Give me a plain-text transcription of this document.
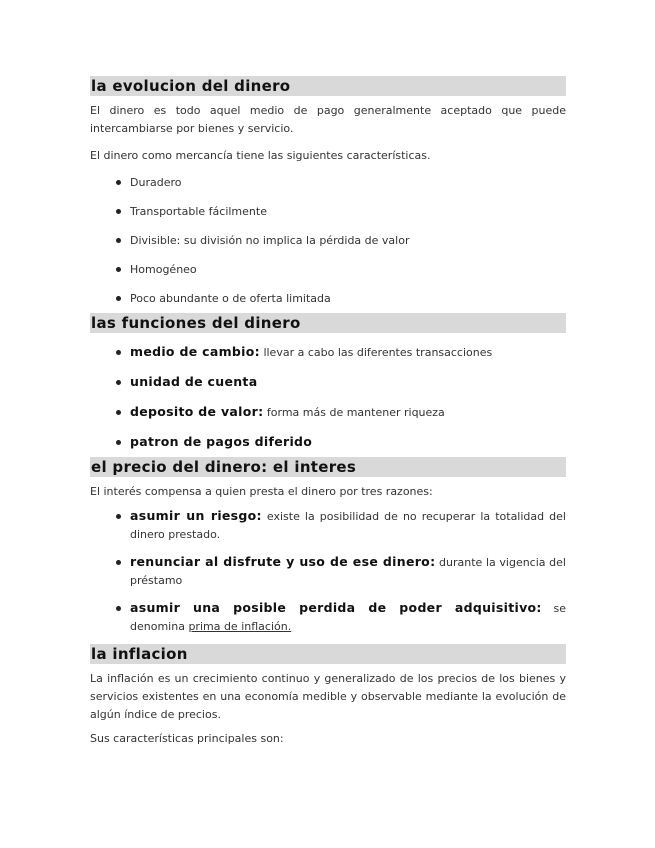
la evolucion del dinero

El dinero es todo aquel medio de pago generalmente aceptado que puede intercambiarse por bienes y servicio.

El dinero como mercancía tiene las siguientes características.

Duradero
Transportable fácilmente
Divisible: su división no implica la pérdida de valor
Homogéneo
Poco abundante o de oferta limitada
las funciones del dinero
medio de cambio: llevar a cabo las diferentes transacciones
unidad de cuenta
deposito de valor: forma más de mantener riqueza
patron de pagos diferido
el precio del dinero: el interes

El interés compensa a quien presta el dinero por tres razones:

asumir un riesgo: existe la posibilidad de no recuperar la totalidad del dinero prestado.
renunciar al disfrute y uso de ese dinero: durante la vigencia del préstamo
asumir una posible perdida de poder adquisitivo: se denomina prima de inflación.
la inflacion

La inflación es un crecimiento continuo y generalizado de los precios de los bienes y servicios existentes en una economía medible y observable mediante la evolución de algún índice de precios.

Sus características principales son:
